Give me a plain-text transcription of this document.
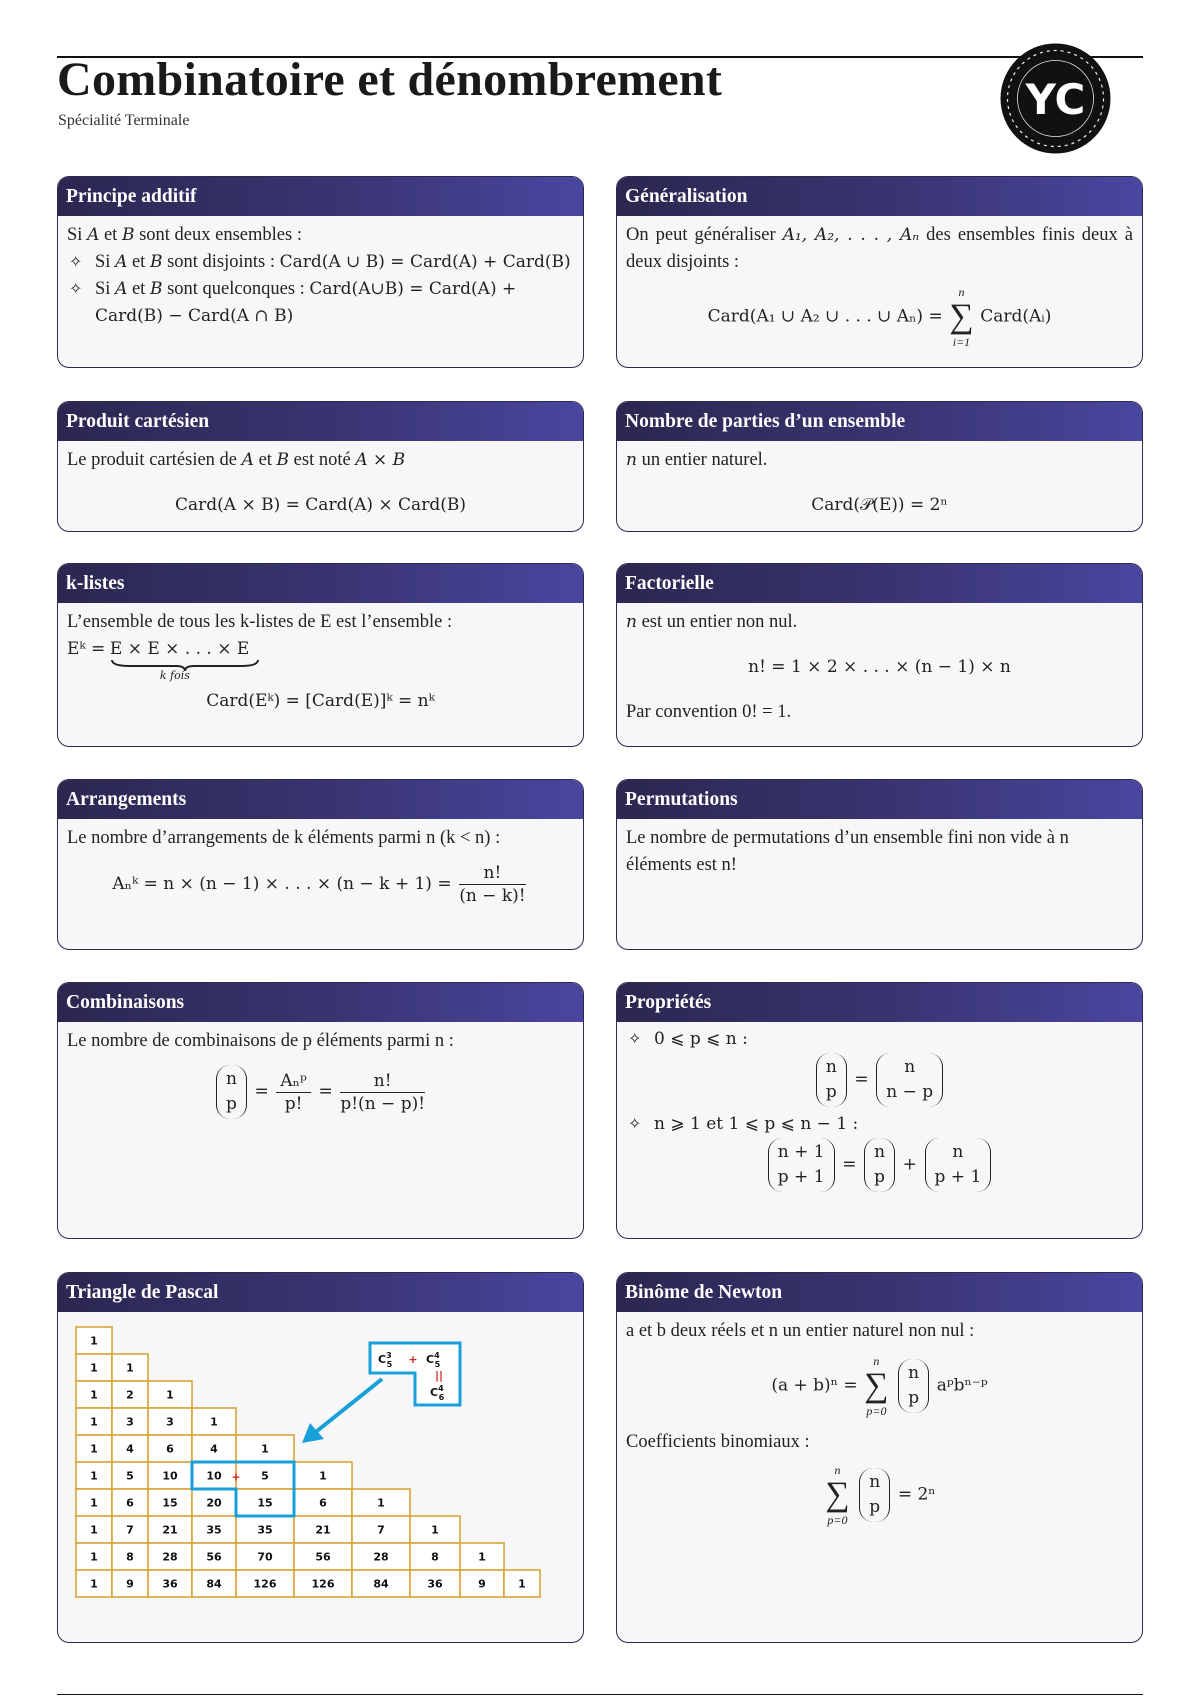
Combinatoire et dénombrement
Spécialité Terminale	YC
Principe additif
Si A et B sont deux ensembles :
✧ Si A et B sont disjoints : Card(A ∪ B) = Card(A) + Card(B)
✧ Si A et B sont quelconques : Card(A∪B) = Card(A) + Card(B) − Card(A ∩ B)
Généralisation
On peut généraliser A₁, A₂, . . . , Aₙ des ensembles finis deux à deux disjoints :
Card(A₁ ∪ A₂ ∪ . . . ∪ Aₙ) =
n
∑
i=1
Card(Aᵢ)
Produit cartésien
Le produit cartésien de A et B est noté A × B
Card(A × B) = Card(A) × Card(B)
Nombre de parties d’un ensemble
n un entier naturel.
Card(𝒫(E)) = 2ⁿ
k-listes
L’ensemble de tous les k-listes de E est l’ensemble :
Eᵏ = E × E × . . . × E
k fois
Card(Eᵏ) = [Card(E)]ᵏ = nᵏ
Factorielle
n est un entier non nul.
n! = 1 × 2 × . . . × (n − 1) × n
Par convention 0! = 1.
Arrangements
Le nombre d’arrangements de k éléments parmi n (k < n) :
Aₙᵏ = n × (n − 1) × . . . × $(n - k + 1) = \frac{n!}{(n - k)!}$
Permutations
Le nombre de permutations d’un ensemble fini non vide à n éléments est n!
Combinaisons
Le nombre de combinaisons de p éléments parmi n :
n
p
= $\frac{\text{Aₙᵖ}}{p!} = \frac{n!}{p!(n - p)!}$
Propriétés
✧ 0 ⩽ p ⩽ n :
n
p
=
n
n − p
✧ n ⩾ 1 et 1 ⩽ p ⩽ n − 1 :
n + 1
p + 1
=
n
p
+
n
p + 1
Triangle de Pascal
1
1	1
1	2	1
1	3	3	1
1	4	6	4	1
1	5	10	10	5	1
1	6	15	20	15	6	1
1	7	21	35	35	21	7	1
1	8	28	56	70	56	28	8	1
1	9	36	84	126	126	84	36	9	1
+
$C^3$ $5 + C^4$ 5
||
$C^4$ 6
Binôme de Newton
a et b deux réels et n un entier naturel non nul :
(a + b)ⁿ =
n
∑
p=0

n
p
aᵖbⁿ⁻ᵖ
Coefficients binomiaux :
n
∑
p=0

n
p
= 2ⁿ
